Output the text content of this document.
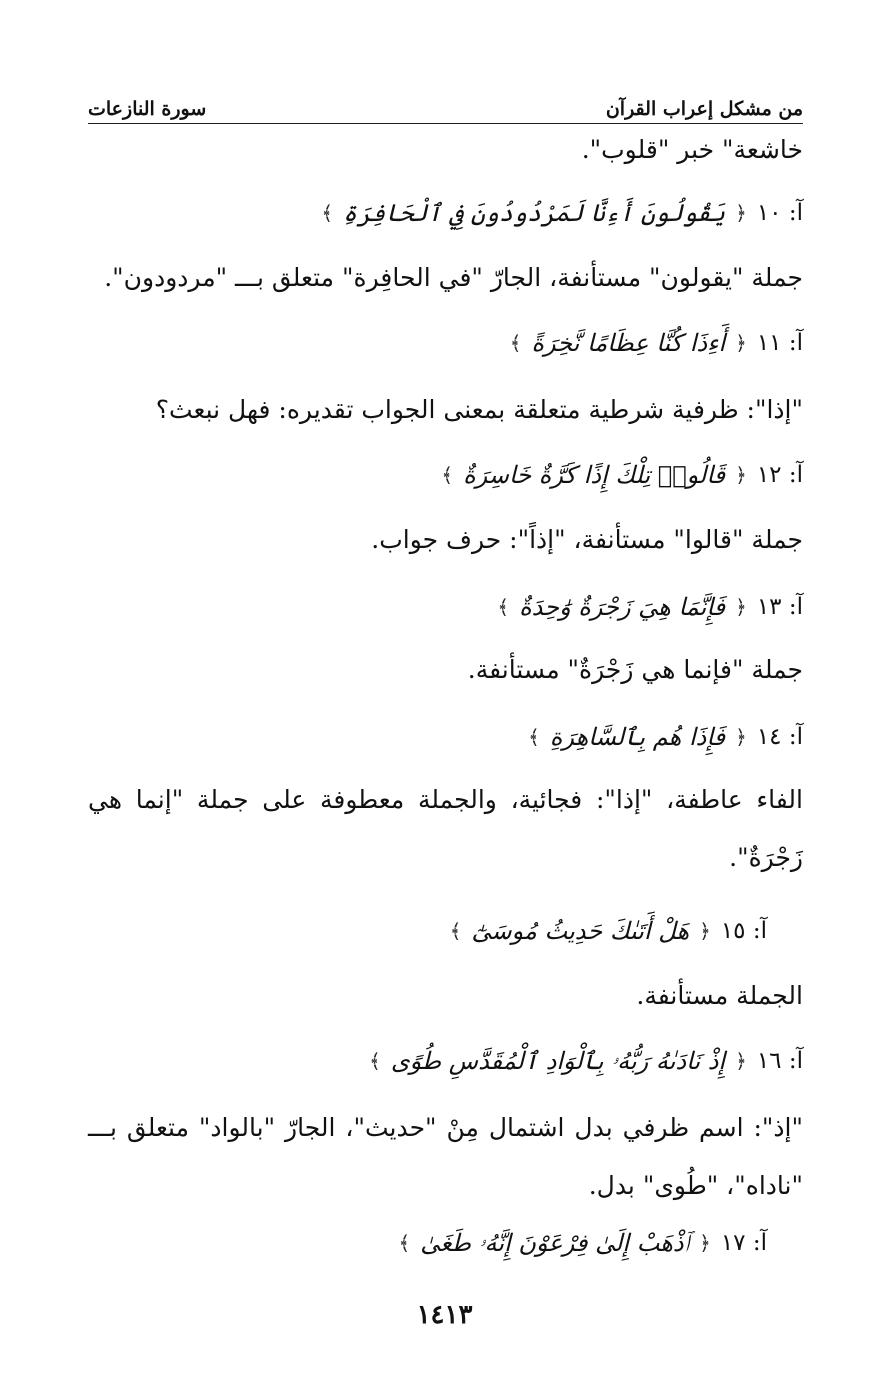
من مشكل إعراب القرآن
سورة النازعات
خاشعة" خبر "قلوب".
آ: ١٠
﴿
يَقُولُونَ أَءِنَّا لَمَرْدُودُونَ فِي ٱلْحَافِرَةِ
﴾
جملة "يقولون" مستأنفة، الجارّ "في الحافِرة" متعلق بـــ "مردودون".
آ: ١١
﴿
أَءِذَا كُنَّا عِظَامًا نَّخِرَةً
﴾
"إذا": ظرفية شرطية متعلقة بمعنى الجواب تقديره: فهل نبعث؟
آ: ١٢
﴿
قَالُوا۟ تِلْكَ إِذًا كَرَّةٌ خَاسِرَةٌ
﴾
جملة "قالوا" مستأنفة، "إذاً": حرف جواب.
آ: ١٣
﴿
فَإِنَّمَا هِيَ زَجْرَةٌ وَٰحِدَةٌ
﴾
جملة "فإنما هي زَجْرَةٌ" مستأنفة.
آ: ١٤
﴿
فَإِذَا هُم بِٱلسَّاهِرَةِ
﴾
الفاء عاطفة، "إذا": فجائية، والجملة معطوفة على جملة "إنما هي
زَجْرَةٌ".
آ: ١٥
﴿
هَلْ أَتَىٰكَ حَدِيثُ مُوسَىٰٓ
﴾
الجملة مستأنفة.
آ: ١٦
﴿
إِذْ نَادَىٰهُ رَبُّهُۥ بِٱلْوَادِ ٱلْمُقَدَّسِ طُوًى
﴾
"إذ": اسم ظرفي بدل اشتمال مِنْ "حديث"، الجارّ "بالواد" متعلق بـــ
"ناداه"، "طُوى" بدل.
آ: ١٧
﴿
ٱذْهَبْ إِلَىٰ فِرْعَوْنَ إِنَّهُۥ طَغَىٰ
﴾
١٤١٣
